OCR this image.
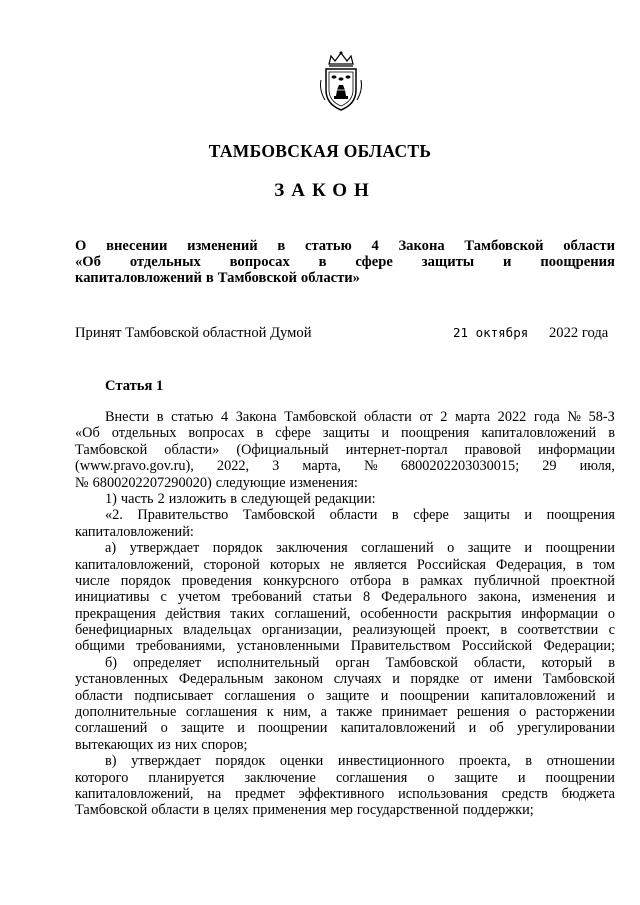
ТАМБОВСКАЯ ОБЛАСТЬ
ЗАКОН
О внесении изменений в статью 4 Закона Тамбовской области
«Об отдельных вопросах в сфере защиты и поощрения
капиталовложений в Тамбовской области»
Принят Тамбовской областной Думой	21 октября 2022 года
Статья 1
Внести в статью 4 Закона Тамбовской области от 2 марта 2022 года № 58-З
«Об отдельных вопросах в сфере защиты и поощрения капиталовложений в
Тамбовской области» (Официальный интернет-портал правовой информации
(www.pravo.gov.ru), 2022, 3 марта, № 6800202203030015; 29 июля,
№ 6800202207290020) следующие изменения:
1) часть 2 изложить в следующей редакции:
«2. Правительство Тамбовской области в сфере защиты и поощрения
капиталовложений:
а) утверждает порядок заключения соглашений о защите и поощрении
капиталовложений, стороной которых не является Российская Федерация, в том
числе порядок проведения конкурсного отбора в рамках публичной проектной
инициативы с учетом требований статьи 8 Федерального закона, изменения и
прекращения действия таких соглашений, особенности раскрытия информации о
бенефициарных владельцах организации, реализующей проект, в соответствии с
общими требованиями, установленными Правительством Российской Федерации;
б) определяет исполнительный орган Тамбовской области, который в
установленных Федеральным законом случаях и порядке от имени Тамбовской
области подписывает соглашения о защите и поощрении капиталовложений и
дополнительные соглашения к ним, а также принимает решения о расторжении
соглашений о защите и поощрении капиталовложений и об урегулировании
вытекающих из них споров;
в) утверждает порядок оценки инвестиционного проекта, в отношении
которого планируется заключение соглашения о защите и поощрении
капиталовложений, на предмет эффективного использования средств бюджета
Тамбовской области в целях применения мер государственной поддержки;
